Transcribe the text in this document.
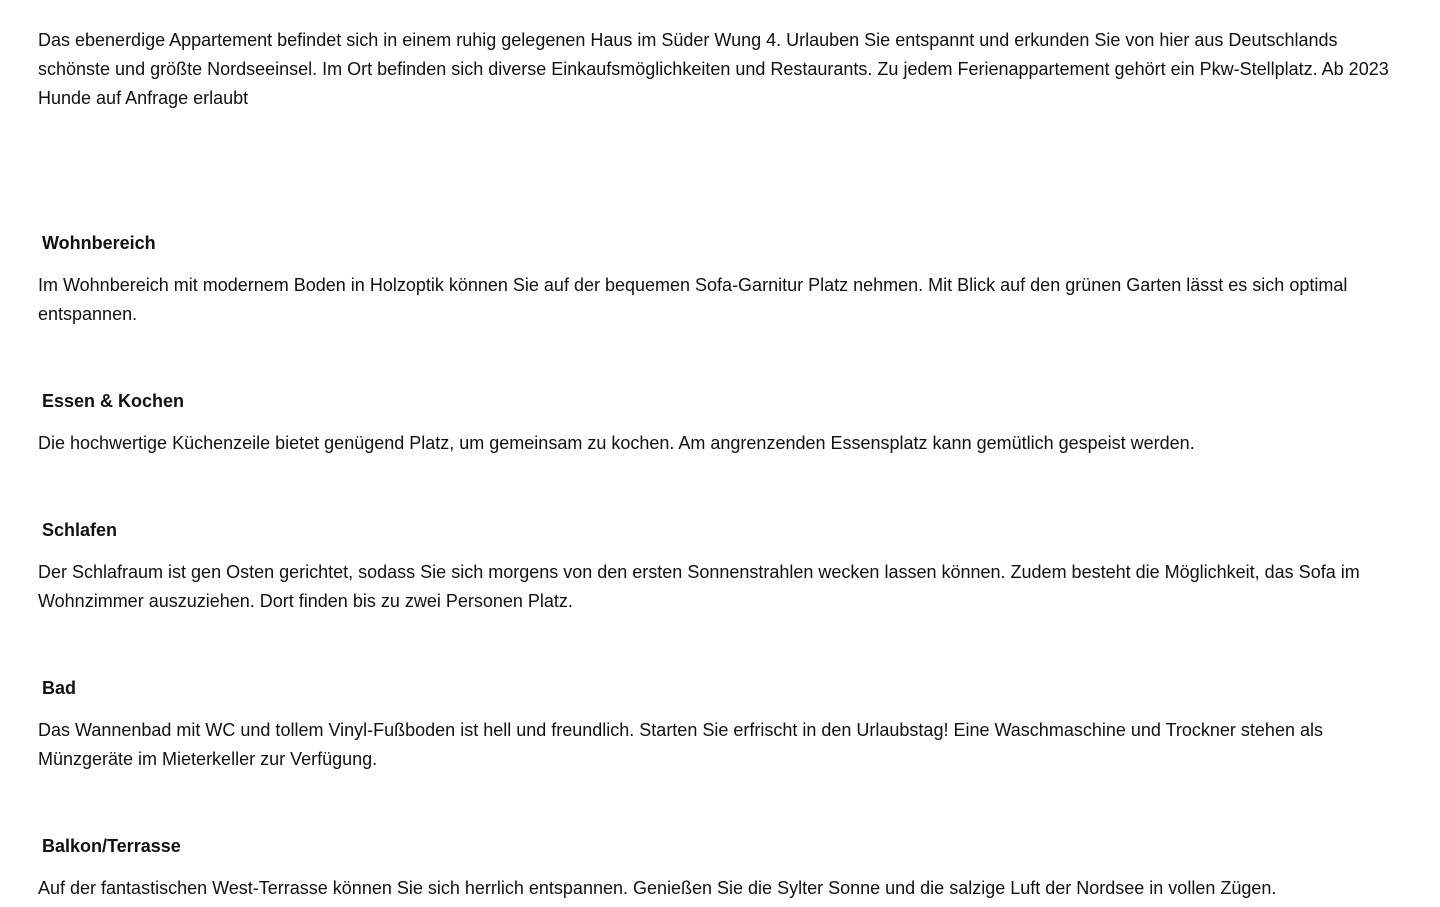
Das ebenerdige Appartement befindet sich in einem ruhig gelegenen Haus im Süder Wung 4. Urlauben Sie entspannt und erkunden Sie von hier aus Deutschlands schönste und größte Nordseeinsel. Im Ort befinden sich diverse Einkaufsmöglichkeiten und Restaurants. Zu jedem Ferienappartement gehört ein Pkw-Stellplatz. Ab 2023 Hunde auf Anfrage erlaubt

Wohnbereich

Im Wohnbereich mit modernem Boden in Holzoptik können Sie auf der bequemen Sofa-Garnitur Platz nehmen. Mit Blick auf den grünen Garten lässt es sich optimal entspannen.

Essen & Kochen

Die hochwertige Küchenzeile bietet genügend Platz, um gemeinsam zu kochen. Am angrenzenden Essensplatz kann gemütlich gespeist werden.

Schlafen

Der Schlafraum ist gen Osten gerichtet, sodass Sie sich morgens von den ersten Sonnenstrahlen wecken lassen können. Zudem besteht die Möglichkeit, das Sofa im Wohnzimmer auszuziehen. Dort finden bis zu zwei Personen Platz.

Bad

Das Wannenbad mit WC und tollem Vinyl-Fußboden ist hell und freundlich. Starten Sie erfrischt in den Urlaubstag! Eine Waschmaschine und Trockner stehen als Münzgeräte im Mieterkeller zur Verfügung.

Balkon/Terrasse

Auf der fantastischen West-Terrasse können Sie sich herrlich entspannen. Genießen Sie die Sylter Sonne und die salzige Luft der Nordsee in vollen Zügen.
